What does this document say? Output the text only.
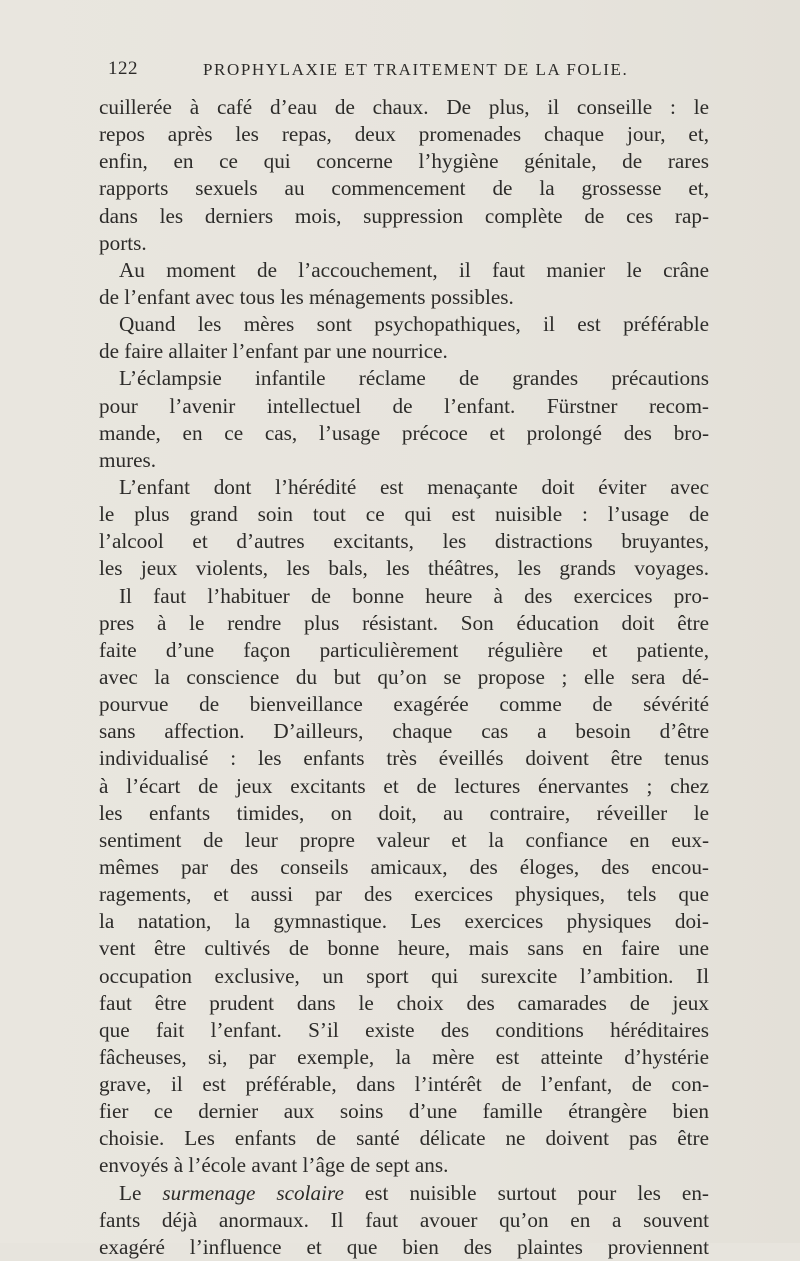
122	PROPHYLAXIE ET TRAITEMENT DE LA FOLIE.
cuillerée à café d’eau de chaux. De plus, il conseille : le
repos après les repas, deux promenades chaque jour, et,
enfin, en ce qui concerne l’hygiène génitale, de rares
rapports sexuels au commencement de la grossesse et,
dans les derniers mois, suppression complète de ces rap-
ports.
Au moment de l’accouchement, il faut manier le crâne
de l’enfant avec tous les ménagements possibles.
Quand les mères sont psychopathiques, il est préférable
de faire allaiter l’enfant par une nourrice.
L’éclampsie infantile réclame de grandes précautions
pour l’avenir intellectuel de l’enfant. Fürstner recom-
mande, en ce cas, l’usage précoce et prolongé des bro-
mures.
L’enfant dont l’hérédité est menaçante doit éviter avec
le plus grand soin tout ce qui est nuisible : l’usage de
l’alcool et d’autres excitants, les distractions bruyantes,
les jeux violents, les bals, les théâtres, les grands voyages.
Il faut l’habituer de bonne heure à des exercices pro-
pres à le rendre plus résistant. Son éducation doit être
faite d’une façon particulièrement régulière et patiente,
avec la conscience du but qu’on se propose ; elle sera dé-
pourvue de bienveillance exagérée comme de sévérité
sans affection. D’ailleurs, chaque cas a besoin d’être
individualisé : les enfants très éveillés doivent être tenus
à l’écart de jeux excitants et de lectures énervantes ; chez
les enfants timides, on doit, au contraire, réveiller le
sentiment de leur propre valeur et la confiance en eux-
mêmes par des conseils amicaux, des éloges, des encou-
ragements, et aussi par des exercices physiques, tels que
la natation, la gymnastique. Les exercices physiques doi-
vent être cultivés de bonne heure, mais sans en faire une
occupation exclusive, un sport qui surexcite l’ambition. Il
faut être prudent dans le choix des camarades de jeux
que fait l’enfant. S’il existe des conditions héréditaires
fâcheuses, si, par exemple, la mère est atteinte d’hystérie
grave, il est préférable, dans l’intérêt de l’enfant, de con-
fier ce dernier aux soins d’une famille étrangère bien
choisie. Les enfants de santé délicate ne doivent pas être
envoyés à l’école avant l’âge de sept ans.
Le surmenage scolaire est nuisible surtout pour les en-
fants déjà anormaux. Il faut avouer qu’on en a souvent
exagéré l’influence et que bien des plaintes proviennent
